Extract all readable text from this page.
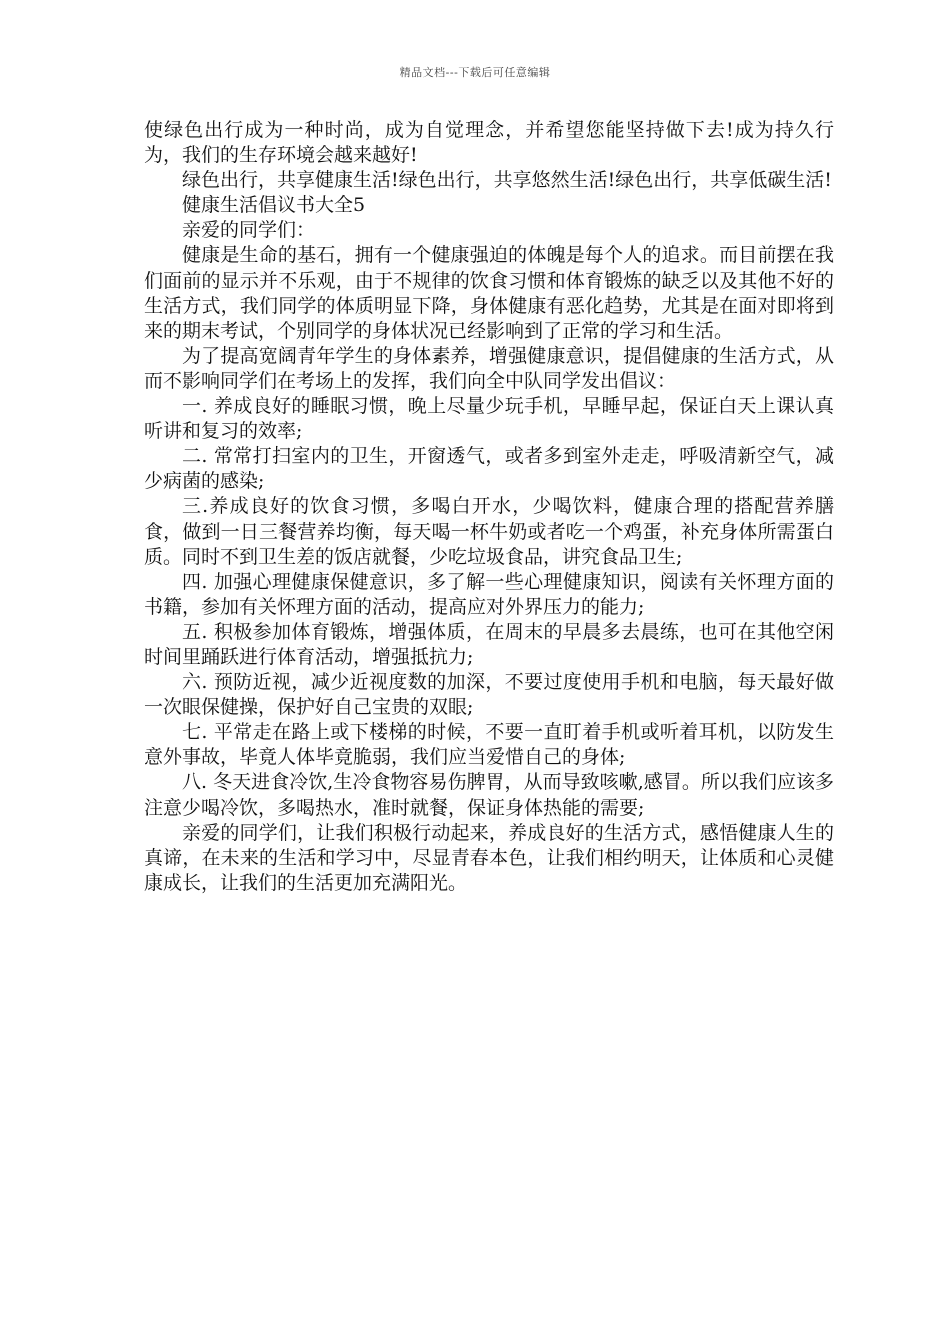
精品文档---下载后可任意编辑

使绿色出行成为一种时尚，成为自觉理念，并希望您能坚持做下去!成为持久行为，我们的生存环境会越来越好!

绿色出行，共享健康生活!绿色出行，共享悠然生活!绿色出行，共享低碳生活!

健康生活倡议书大全5

亲爱的同学们：

健康是生命的基石，拥有一个健康强迫的体魄是每个人的追求。而目前摆在我们面前的显示并不乐观，由于不规律的饮食习惯和体育锻炼的缺乏以及其他不好的生活方式，我们同学的体质明显下降，身体健康有恶化趋势，尤其是在面对即将到来的期末考试，个别同学的身体状况已经影响到了正常的学习和生活。

为了提高宽阔青年学生的身体素养，增强健康意识，提倡健康的生活方式，从而不影响同学们在考场上的发挥，我们向全中队同学发出倡议：

一. 养成良好的睡眠习惯，晚上尽量少玩手机，早睡早起，保证白天上课认真听讲和复习的效率;

二. 常常打扫室内的卫生，开窗透气，或者多到室外走走，呼吸清新空气，减少病菌的感染;

三.养成良好的饮食习惯，多喝白开水，少喝饮料，健康合理的搭配营养膳食，做到一日三餐营养均衡，每天喝一杯牛奶或者吃一个鸡蛋，补充身体所需蛋白质。同时不到卫生差的饭店就餐，少吃垃圾食品，讲究食品卫生;

四. 加强心理健康保健意识，多了解一些心理健康知识，阅读有关怀理方面的书籍，参加有关怀理方面的活动，提高应对外界压力的能力;

五. 积极参加体育锻炼，增强体质，在周末的早晨多去晨练，也可在其他空闲时间里踊跃进行体育活动，增强抵抗力;

六. 预防近视，减少近视度数的加深，不要过度使用手机和电脑，每天最好做一次眼保健操，保护好自己宝贵的双眼;

七. 平常走在路上或下楼梯的时候，不要一直盯着手机或听着耳机，以防发生意外事故，毕竟人体毕竟脆弱，我们应当爱惜自己的身体;

八. 冬天进食冷饮,生冷食物容易伤脾胃，从而导致咳嗽,感冒。所以我们应该多注意少喝冷饮，多喝热水，准时就餐，保证身体热能的需要;

亲爱的同学们，让我们积极行动起来，养成良好的生活方式，感悟健康人生的真谛，在未来的生活和学习中，尽显青春本色，让我们相约明天，让体质和心灵健康成长，让我们的生活更加充满阳光。
